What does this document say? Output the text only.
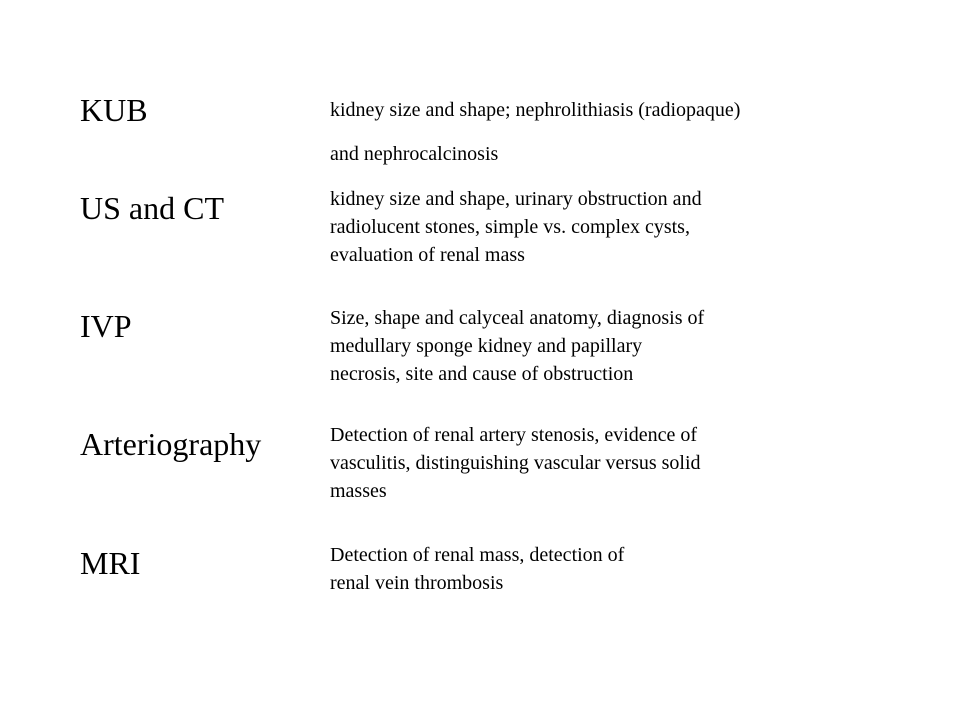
KUB	kidney size and shape; nephrolithiasis (radiopaque)
and nephrocalcinosis
US and CT	kidney size and shape, urinary obstruction and
radiolucent stones, simple vs. complex cysts,
evaluation of renal mass
IVP	Size, shape and calyceal anatomy, diagnosis of
medullary sponge kidney and papillary
necrosis, site and cause of obstruction
Arteriography	Detection of renal artery stenosis, evidence of
vasculitis, distinguishing vascular versus solid
masses
MRI	Detection of renal mass, detection of
renal vein thrombosis
